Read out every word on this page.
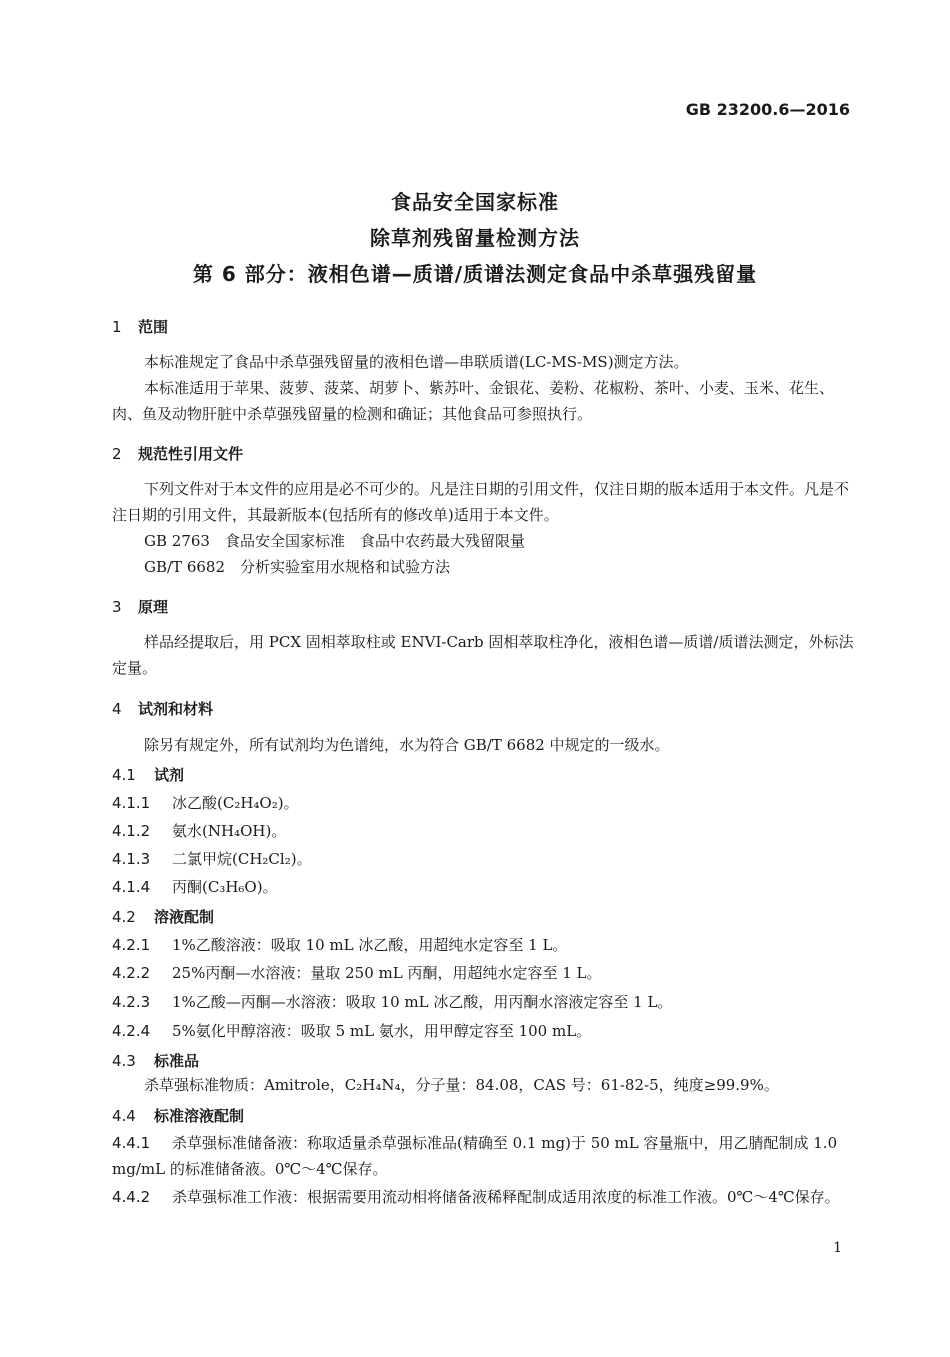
GB 23200.6—2016
食品安全国家标准
除草剂残留量检测方法
第 6 部分：液相色谱—质谱/质谱法测定食品中杀草强残留量
1 范围
本标准规定了食品中杀草强残留量的液相色谱—串联质谱(LC‑MS‑MS)测定方法。
本标准适用于苹果、菠萝、菠菜、胡萝卜、紫苏叶、金银花、姜粉、花椒粉、茶叶、小麦、玉米、花生、肉、鱼及动物肝脏中杀草强残留量的检测和确证；其他食品可参照执行。
2 规范性引用文件
下列文件对于本文件的应用是必不可少的。凡是注日期的引用文件，仅注日期的版本适用于本文件。凡是不注日期的引用文件，其最新版本(包括所有的修改单)适用于本文件。
GB 2763　食品安全国家标准　食品中农药最大残留限量
GB/T 6682　分析实验室用水规格和试验方法
3 原理
样品经提取后，用 PCX 固相萃取柱或 ENVI‑Carb 固相萃取柱净化，液相色谱—质谱/质谱法测定，外标法定量。
4 试剂和材料
除另有规定外，所有试剂均为色谱纯，水为符合 GB/T 6682 中规定的一级水。
4.1 试剂
4.1.1 冰乙酸(C₂H₄O₂)。
4.1.2 氨水(NH₄OH)。
4.1.3 二氯甲烷(CH₂Cl₂)。
4.1.4 丙酮(C₃H₆O)。
4.2 溶液配制
4.2.1 1%乙酸溶液：吸取 10 mL 冰乙酸，用超纯水定容至 1 L。
4.2.2 25%丙酮—水溶液：量取 250 mL 丙酮，用超纯水定容至 1 L。
4.2.3 1%乙酸—丙酮—水溶液：吸取 10 mL 冰乙酸，用丙酮水溶液定容至 1 L。
4.2.4 5%氨化甲醇溶液：吸取 5 mL 氨水，用甲醇定容至 100 mL。
4.3 标准品
杀草强标准物质：Amitrole，C₂H₄N₄，分子量：84.08，CAS 号：61‑82‑5，纯度≥99.9%。
4.4 标准溶液配制
4.4.1 杀草强标准储备液：称取适量杀草强标准品(精确至 0.1 mg)于 50 mL 容量瓶中，用乙腈配制成 1.0 mg/mL 的标准储备液。0℃～4℃保存。
4.4.2 杀草强标准工作液：根据需要用流动相将储备液稀释配制成适用浓度的标准工作液。0℃～4℃保存。
1
